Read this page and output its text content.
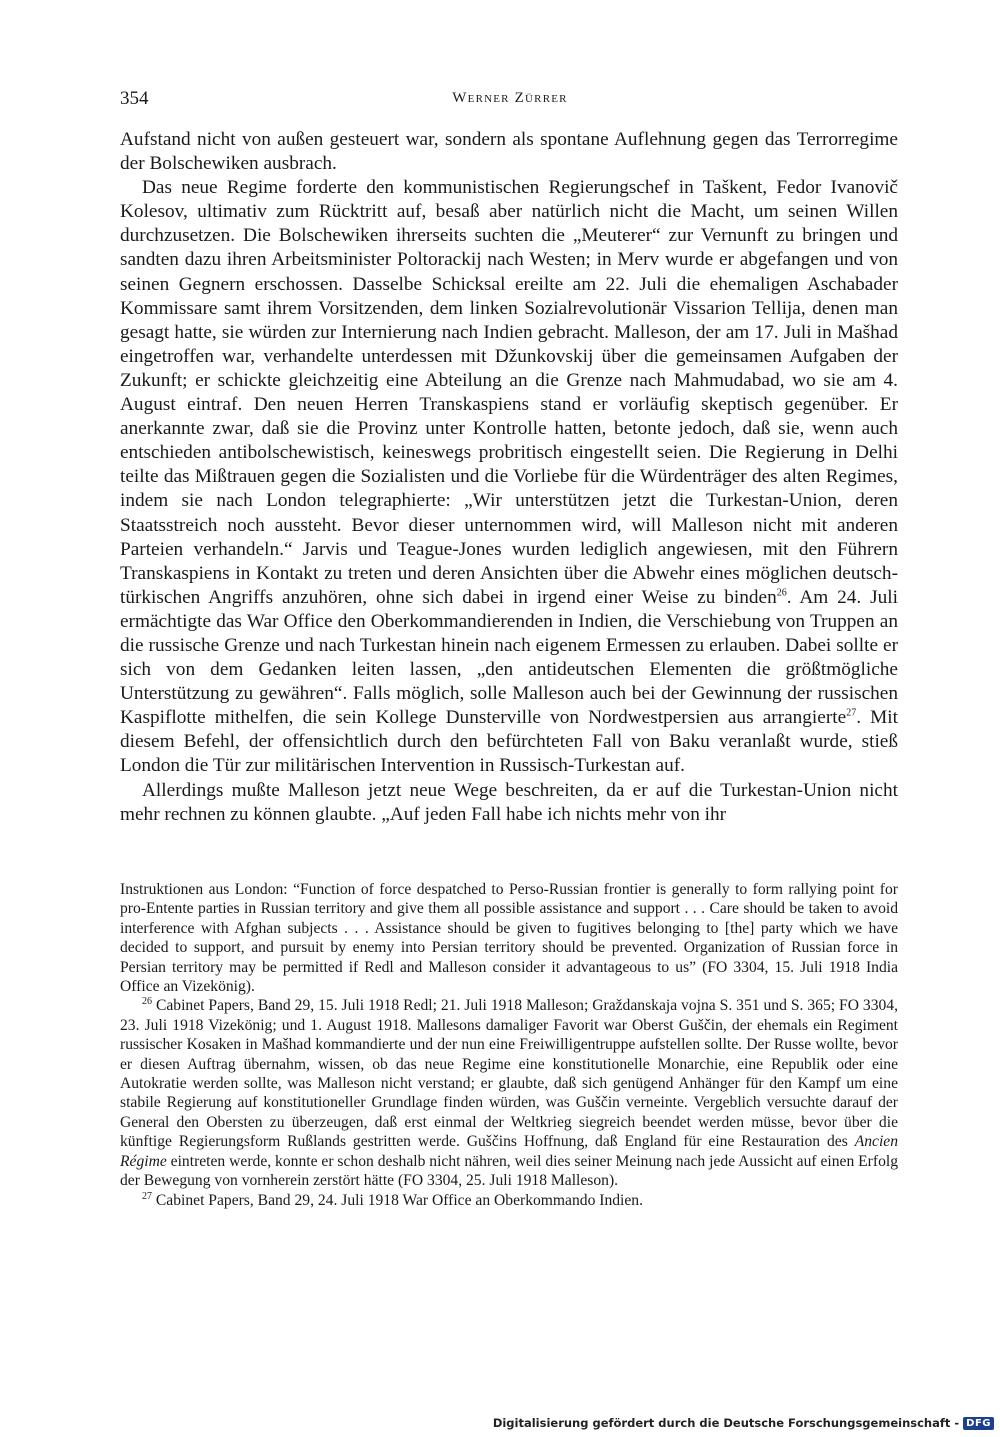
354	Werner Zürrer

Aufstand nicht von außen gesteuert war, sondern als spontane Auflehnung gegen das Terrorregime der Bolschewiken ausbrach.

Das neue Regime forderte den kommunistischen Regierungschef in Taškent, Fedor Ivanovič Kolesov, ultimativ zum Rücktritt auf, besaß aber natürlich nicht die Macht, um seinen Willen durchzusetzen. Die Bolschewiken ihrerseits suchten die „Meuterer“ zur Vernunft zu bringen und sandten dazu ihren Arbeitsminister Poltorackij nach Westen; in Merv wurde er abgefangen und von seinen Gegnern erschossen. Dasselbe Schicksal ereilte am 22. Juli die ehemaligen Aschabader Kommissare samt ihrem Vorsitzenden, dem linken Sozialrevolutionär Vissarion Tellija, denen man gesagt hatte, sie würden zur Internierung nach Indien gebracht. Malleson, der am 17. Juli in Mašhad eingetroffen war, verhandelte unterdessen mit Džunkovskij über die gemeinsamen Aufgaben der Zukunft; er schickte gleichzeitig eine Abteilung an die Grenze nach Mahmudabad, wo sie am 4. August eintraf. Den neuen Herren Transkaspiens stand er vorläufig skeptisch gegenüber. Er anerkannte zwar, daß sie die Provinz unter Kontrolle hatten, betonte jedoch, daß sie, wenn auch entschieden antibolschewistisch, keineswegs probritisch eingestellt seien. Die Regierung in Delhi teilte das Mißtrauen gegen die Sozialisten und die Vorliebe für die Würdenträger des alten Regimes, indem sie nach London telegraphierte: „Wir unterstützen jetzt die Turkestan-Union, deren Staatsstreich noch aussteht. Bevor dieser unternommen wird, will Malleson nicht mit anderen Parteien verhandeln.“ Jarvis und Teague-Jones wurden lediglich angewiesen, mit den Führern Transkaspiens in Kontakt zu treten und deren Ansichten über die Abwehr eines möglichen deutsch-türkischen Angriffs anzuhören, ohne sich dabei in irgend einer Weise zu binden$^{26}$. Am 24. Juli ermächtigte das War Office den Oberkommandierenden in Indien, die Verschiebung von Truppen an die russische Grenze und nach Turkestan hinein nach eigenem Ermessen zu erlauben. Dabei sollte er sich von dem Gedanken leiten lassen, „den antideutschen Elementen die größtmögliche Unterstützung zu gewähren“. Falls möglich, solle Malleson auch bei der Gewinnung der russischen Kaspiflotte mithelfen, die sein Kollege Dunsterville von Nordwestpersien aus arrangierte$^{27}$. Mit diesem Befehl, der offensichtlich durch den befürchteten Fall von Baku veranlaßt wurde, stieß London die Tür zur militärischen Intervention in Russisch-Turkestan auf.

Allerdings mußte Malleson jetzt neue Wege beschreiten, da er auf die Turkestan-Union nicht mehr rechnen zu können glaubte. „Auf jeden Fall habe ich nichts mehr von ihr

Instruktionen aus London: “Function of force despatched to Perso-Russian frontier is generally to form rallying point for pro-Entente parties in Russian territory and give them all possible assistance and support . . . Care should be taken to avoid interference with Afghan subjects . . . Assistance should be given to fugitives belonging to [the] party which we have decided to support, and pursuit by enemy into Persian territory should be prevented. Organization of Russian force in Persian territory may be permitted if Redl and Malleson consider it advantageous to us” (FO 3304, 15. Juli 1918 India Office an Vizekönig).

$^{26}$ Cabinet Papers, Band 29, 15. Juli 1918 Redl; 21. Juli 1918 Malleson; Graždanskaja vojna S. 351 und S. 365; FO 3304, 23. Juli 1918 Vizekönig; und 1. August 1918. Mallesons damaliger Favorit war Oberst Guščin, der ehemals ein Regiment russischer Kosaken in Mašhad kommandierte und der nun eine Freiwilligentruppe aufstellen sollte. Der Russe wollte, bevor er diesen Auftrag übernahm, wissen, ob das neue Regime eine konstitutionelle Monarchie, eine Republik oder eine Autokratie werden sollte, was Malleson nicht verstand; er glaubte, daß sich genügend Anhänger für den Kampf um eine stabile Regierung auf konstitutioneller Grundlage finden würden, was Guščin verneinte. Vergeblich versuchte darauf der General den Obersten zu überzeugen, daß erst einmal der Weltkrieg siegreich beendet werden müsse, bevor über die künftige Regierungsform Rußlands gestritten werde. Guščins Hoffnung, daß England für eine Restauration des Ancien Régime eintreten werde, konnte er schon deshalb nicht nähren, weil dies seiner Meinung nach jede Aussicht auf einen Erfolg der Bewegung von vornherein zerstört hätte (FO 3304, 25. Juli 1918 Malleson).

$^{27}$ Cabinet Papers, Band 29, 24. Juli 1918 War Office an Oberkommando Indien.

Digitalisierung gefördert durch die Deutsche Forschungsgemeinschaft - DFG
